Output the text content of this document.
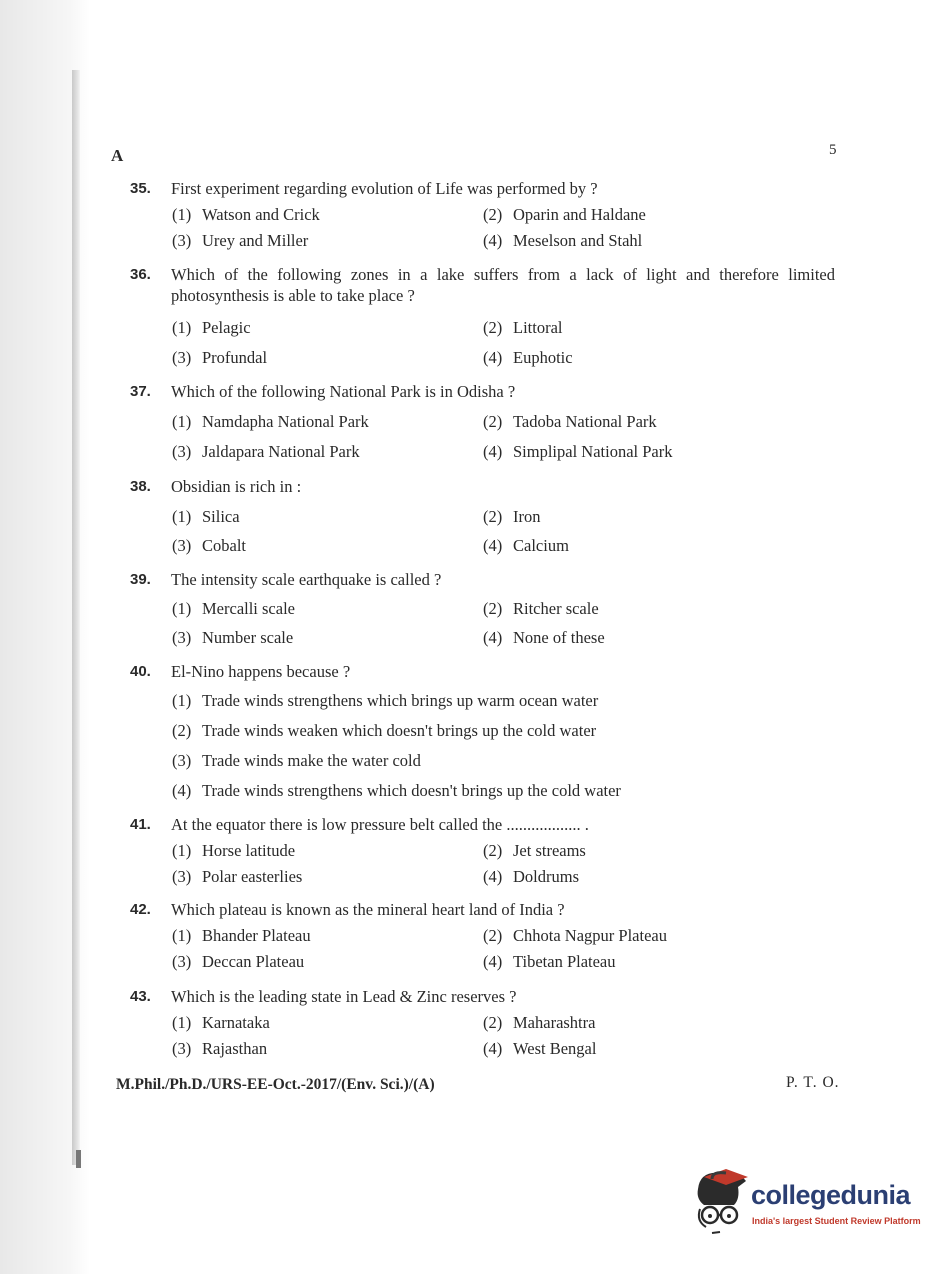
A	5
35.	First experiment regarding evolution of Life was performed by ?
(1) Watson and Crick	(2) Oparin and Haldane
(3) Urey and Miller	(4) Meselson and Stahl
36.	Which of the following zones in a lake suffers from a lack of light and therefore limited photosynthesis is able to take place ?
(1) Pelagic	(2) Littoral
(3) Profundal	(4) Euphotic
37.	Which of the following National Park is in Odisha ?
(1) Namdapha National Park	(2) Tadoba National Park
(3) Jaldapara National Park	(4) Simplipal National Park
38.	Obsidian is rich in :
(1) Silica	(2) Iron
(3) Cobalt	(4) Calcium
39.	The intensity scale earthquake is called ?
(1) Mercalli scale	(2) Ritcher scale
(3) Number scale	(4) None of these
40.	El-Nino happens because ?
(1) Trade winds strengthens which brings up warm ocean water
(2) Trade winds weaken which doesn't brings up the cold water
(3) Trade winds make the water cold
(4) Trade winds strengthens which doesn't brings up the cold water
41.	At the equator there is low pressure belt called the .................. .
(1) Horse latitude	(2) Jet streams
(3) Polar easterlies	(4) Doldrums
42.	Which plateau is known as the mineral heart land of India ?
(1) Bhander Plateau	(2) Chhota Nagpur Plateau
(3) Deccan Plateau	(4) Tibetan Plateau
43.	Which is the leading state in Lead & Zinc reserves ?
(1) Karnataka	(2) Maharashtra
(3) Rajasthan	(4) West Bengal
M.Phil./Ph.D./URS-EE-Oct.-2017/(Env. Sci.)/(A)	P. T. O.
collegedunia
India's largest Student Review Platform
